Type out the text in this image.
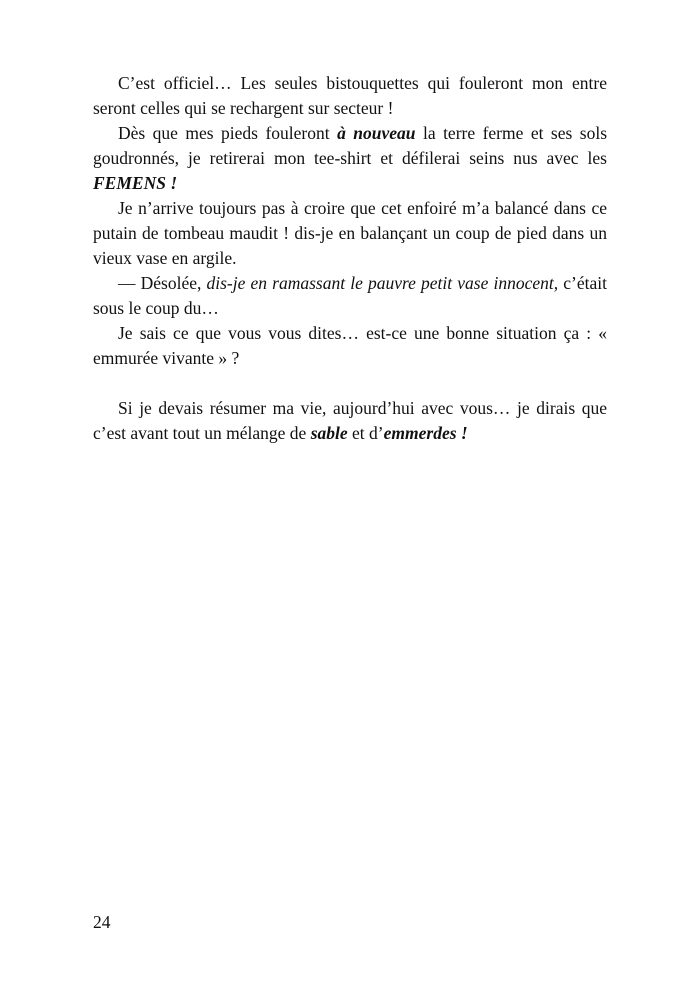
C’est officiel… Les seules bistouquettes qui fouleront mon entre seront celles qui se rechargent sur secteur !

Dès que mes pieds fouleront à nouveau la terre ferme et ses sols goudronnés, je retirerai mon tee-shirt et défilerai seins nus avec les FEMENS !

Je n’arrive toujours pas à croire que cet enfoiré m’a balancé dans ce putain de tombeau maudit ! dis-je en balançant un coup de pied dans un vieux vase en argile.

— Désolée, dis-je en ramassant le pauvre petit vase innocent, c’était sous le coup du…

Je sais ce que vous vous dites… est-ce une bonne situation ça : « emmurée vivante » ?

Si je devais résumer ma vie, aujourd’hui avec vous… je dirais que c’est avant tout un mélange de sable et d’emmerdes !

24
